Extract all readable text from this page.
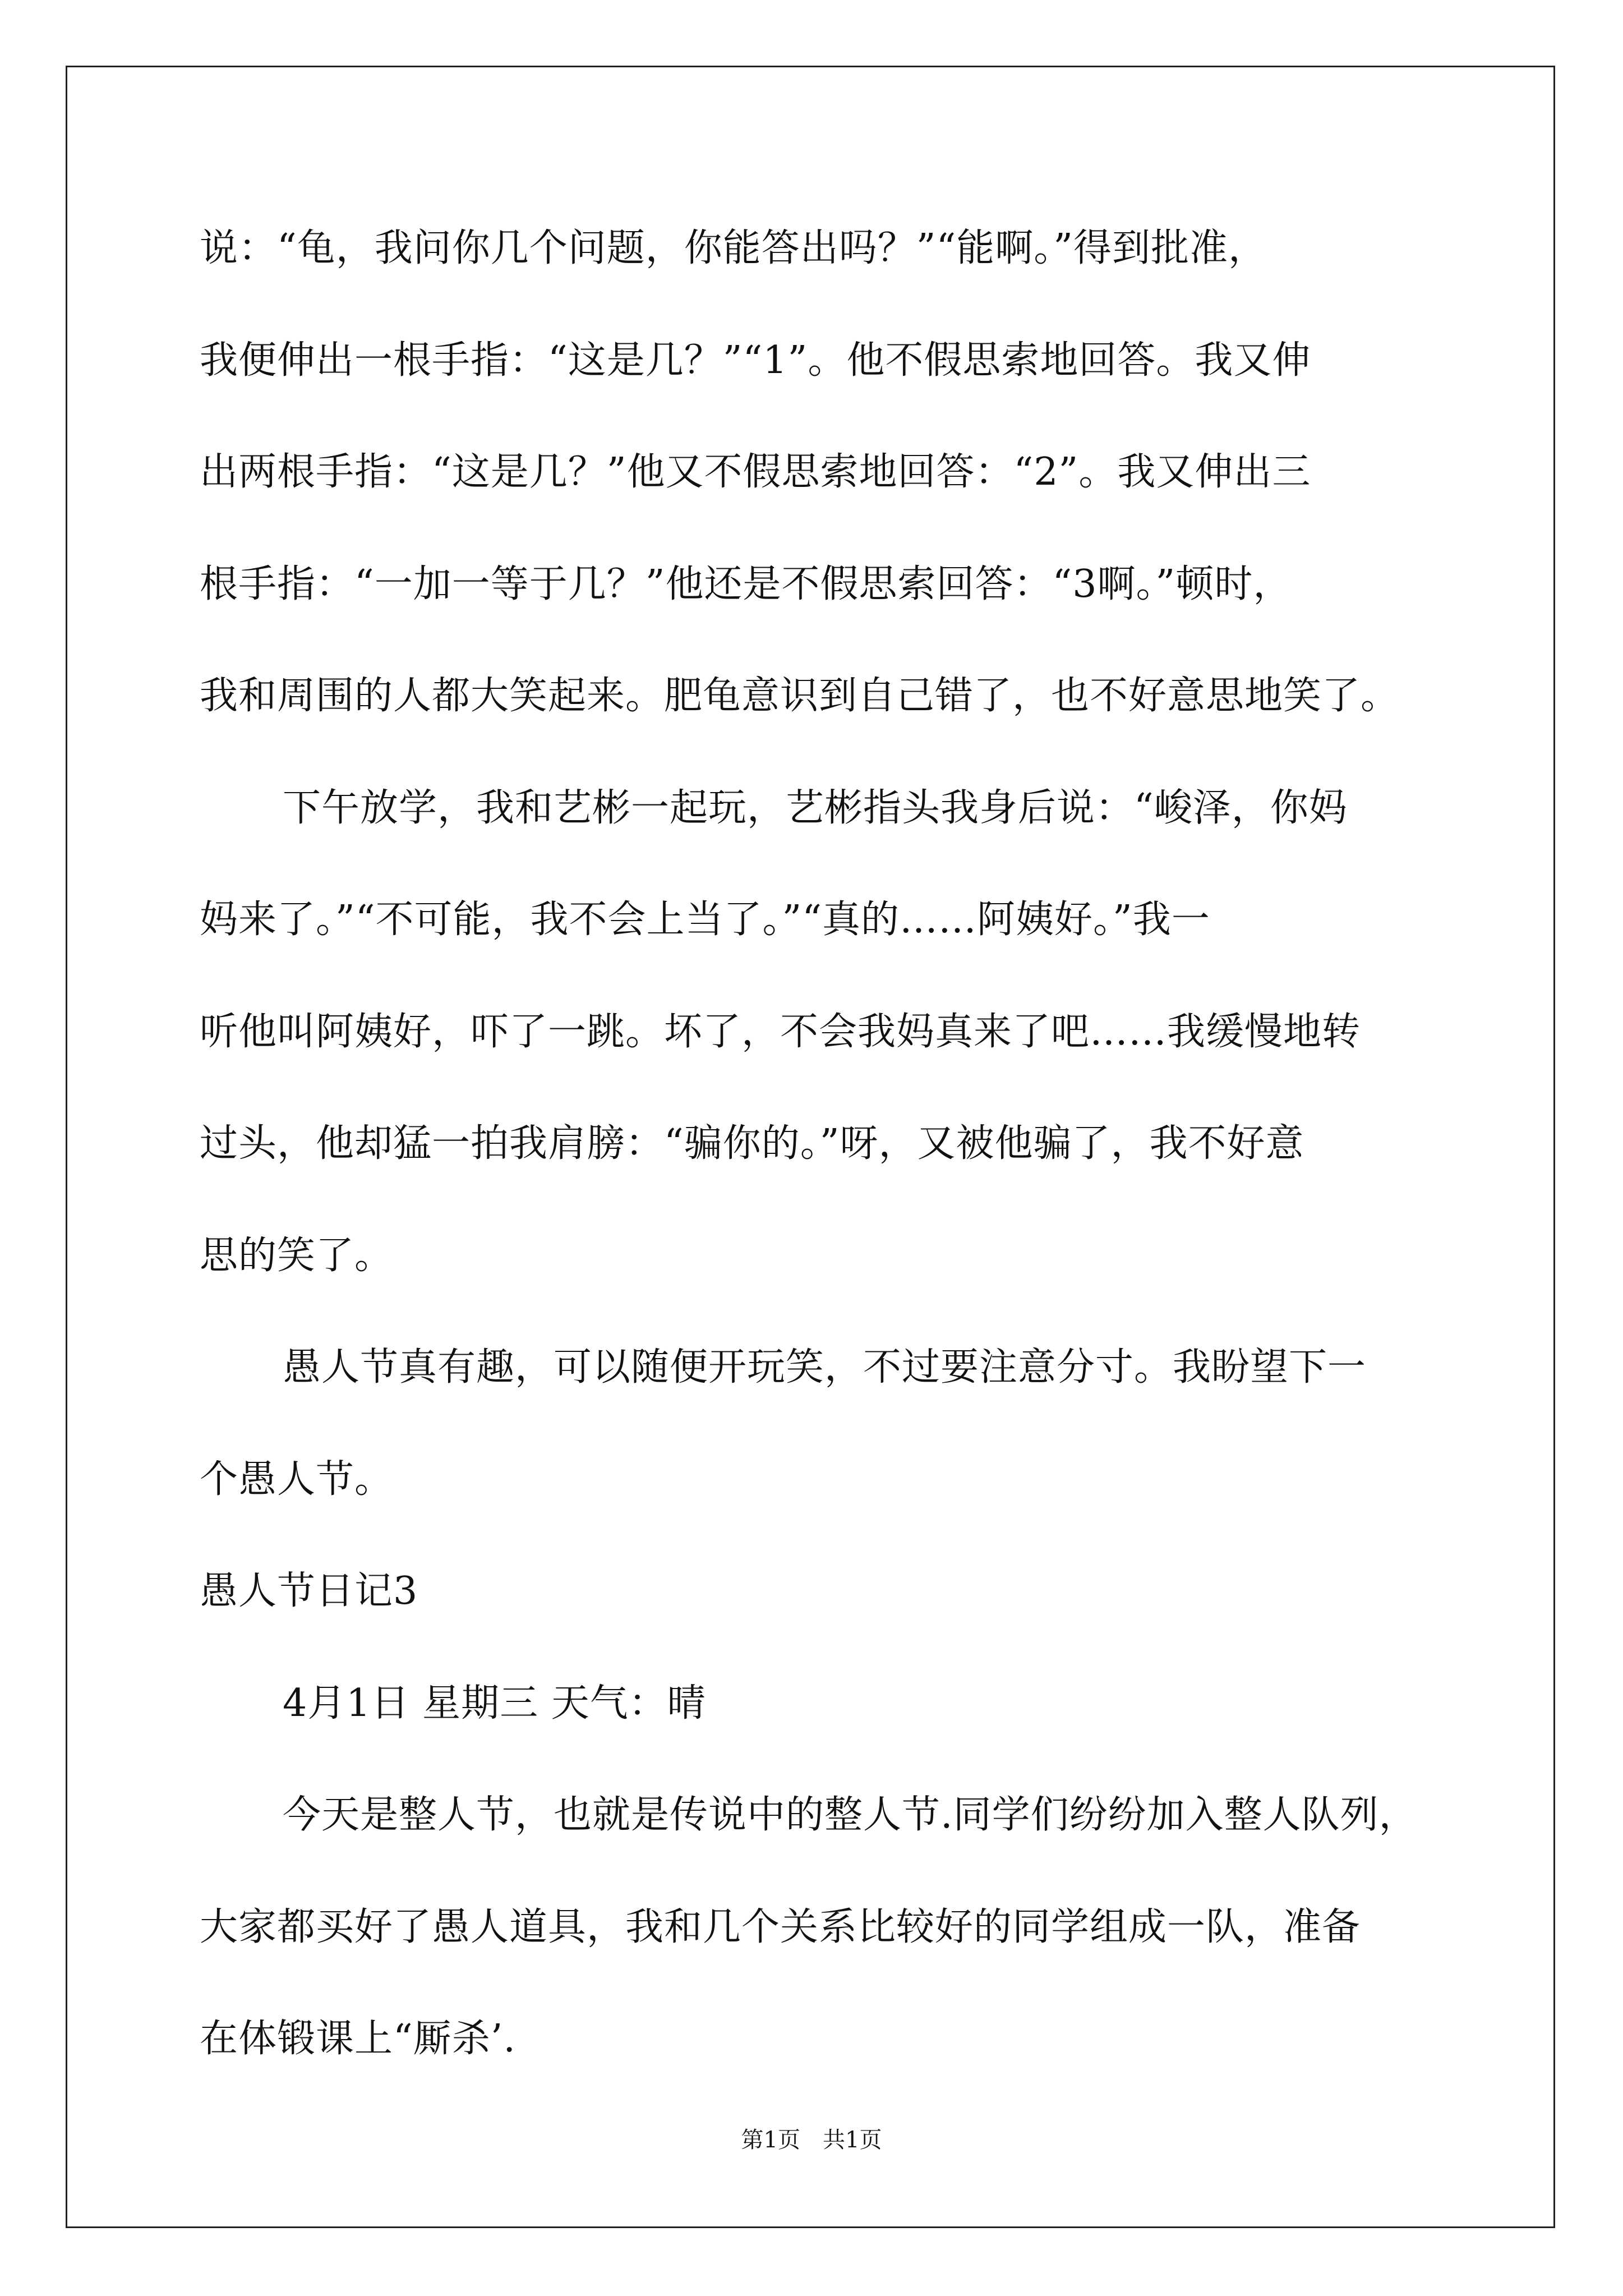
说：“龟，我问你几个问题，你能答出吗？”“能啊。”得到批准，
我便伸出一根手指：“这是几？”“1”。他不假思索地回答。我又伸
出两根手指：“这是几？”他又不假思索地回答：“2”。我又伸出三
根手指：“一加一等于几？”他还是不假思索回答：“3啊。”顿时，
我和周围的人都大笑起来。肥龟意识到自己错了，也不好意思地笑了。
下午放学，我和艺彬一起玩，艺彬指头我身后说：“峻泽，你妈
妈来了。”“不可能，我不会上当了。”“真的……阿姨好。”我一
听他叫阿姨好，吓了一跳。坏了，不会我妈真来了吧……我缓慢地转
过头，他却猛一拍我肩膀：“骗你的。”呀，又被他骗了，我不好意
思的笑了。
愚人节真有趣，可以随便开玩笑，不过要注意分寸。我盼望下一
个愚人节。
愚人节日记3
4月1日 星期三 天气：晴
今天是整人节，也就是传说中的整人节.同学们纷纷加入整人队列，
大家都买好了愚人道具，我和几个关系比较好的同学组成一队，准备
在体锻课上“厮杀’.
第1页　共1页
